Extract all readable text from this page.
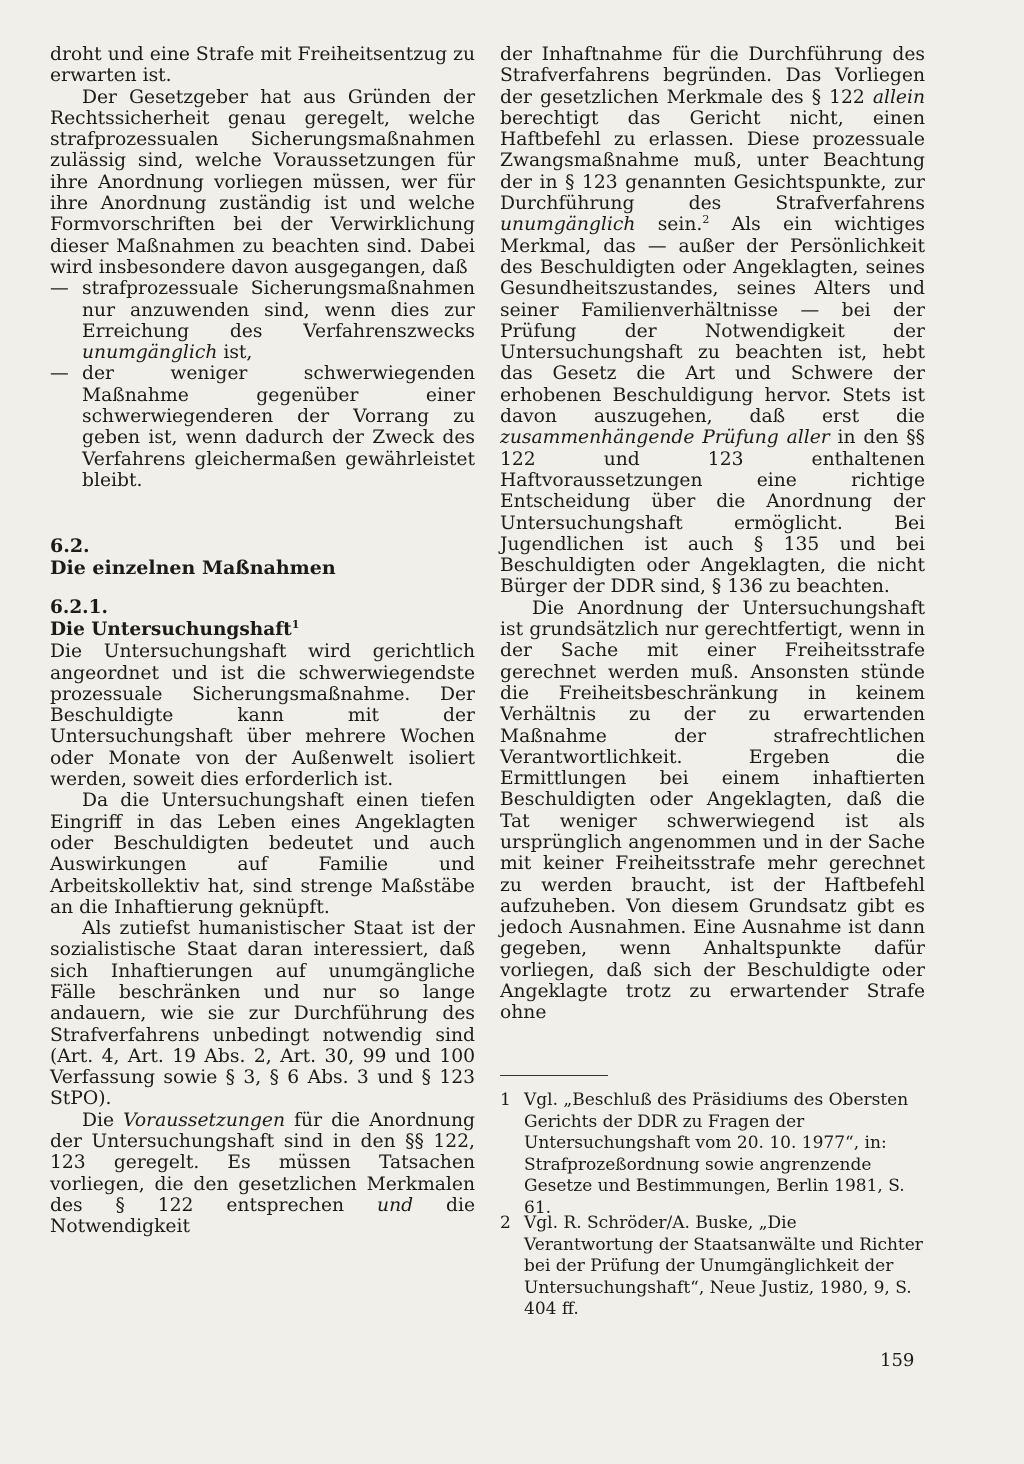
droht und eine Strafe mit Freiheitsentzug zu erwarten ist.

Der Gesetzgeber hat aus Gründen der Rechtssicherheit genau geregelt, welche strafprozessualen Sicherungsmaßnahmen zulässig sind, welche Voraussetzungen für ihre Anordnung vorliegen müssen, wer für ihre Anordnung zuständig ist und welche Formvorschriften bei der Verwirklichung dieser Maßnahmen zu beachten sind. Dabei wird insbesondere davon ausgegangen, daß

— strafprozessuale Sicherungsmaßnahmen nur anzuwenden sind, wenn dies zur Erreichung des Verfahrenszwecks unumgänglich ist,
— der weniger schwerwiegenden Maßnahme gegenüber einer schwerwiegenderen der Vorrang zu geben ist, wenn dadurch der Zweck des Verfahrens gleichermaßen gewährleistet bleibt.
6.2.
Die einzelnen Maßnahmen
6.2.1.
Die Untersuchungshaft$^1$

Die Untersuchungshaft wird gerichtlich angeordnet und ist die schwerwiegendste prozessuale Sicherungsmaßnahme. Der Beschuldigte kann mit der Untersuchungshaft über mehrere Wochen oder Monate von der Außenwelt isoliert werden, soweit dies erforderlich ist.

Da die Untersuchungshaft einen tiefen Eingriff in das Leben eines Angeklagten oder Beschuldigten bedeutet und auch Auswirkungen auf Familie und Arbeitskollektiv hat, sind strenge Maßstäbe an die Inhaftierung geknüpft.

Als zutiefst humanistischer Staat ist der sozialistische Staat daran interessiert, daß sich Inhaftierungen auf unumgängliche Fälle beschränken und nur so lange andauern, wie sie zur Durchführung des Strafverfahrens unbedingt notwendig sind (Art. 4, Art. 19 Abs. 2, Art. 30, 99 und 100 Verfassung sowie § 3, § 6 Abs. 3 und § 123 StPO).

Die Voraussetzungen für die Anordnung der Untersuchungshaft sind in den §§ 122, 123 geregelt. Es müssen Tatsachen vorliegen, die den gesetzlichen Merkmalen des § 122 entsprechen und die Notwendigkeit

der Inhaftnahme für die Durchführung des Strafverfahrens begründen. Das Vorliegen der gesetzlichen Merkmale des § 122 allein berechtigt das Gericht nicht, einen Haftbefehl zu erlassen. Diese prozessuale Zwangsmaßnahme muß, unter Beachtung der in § 123 genannten Gesichtspunkte, zur Durchführung des Strafverfahrens unumgänglich sein.$^2$ Als ein wichtiges Merkmal, das — außer der Persönlichkeit des Beschuldigten oder Angeklagten, seines Gesundheitszustandes, seines Alters und seiner Familienverhältnisse — bei der Prüfung der Notwendigkeit der Untersuchungshaft zu beachten ist, hebt das Gesetz die Art und Schwere der erhobenen Beschuldigung hervor. Stets ist davon auszugehen, daß erst die zusammenhängende Prüfung aller in den §§ 122 und 123 enthaltenen Haftvoraussetzungen eine richtige Entscheidung über die Anordnung der Untersuchungshaft ermöglicht. Bei Jugendlichen ist auch § 135 und bei Beschuldigten oder Angeklagten, die nicht Bürger der DDR sind, § 136 zu beachten.

Die Anordnung der Untersuchungshaft ist grundsätzlich nur gerechtfertigt, wenn in der Sache mit einer Freiheitsstrafe gerechnet werden muß. Ansonsten stünde die Freiheitsbeschränkung in keinem Verhältnis zu der zu erwartenden Maßnahme der strafrechtlichen Verantwortlichkeit. Ergeben die Ermittlungen bei einem inhaftierten Beschuldigten oder Angeklagten, daß die Tat weniger schwerwiegend ist als ursprünglich angenommen und in der Sache mit keiner Freiheitsstrafe mehr gerechnet zu werden braucht, ist der Haftbefehl aufzuheben. Von diesem Grundsatz gibt es jedoch Ausnahmen. Eine Ausnahme ist dann gegeben, wenn Anhaltspunkte dafür vorliegen, daß sich der Beschuldigte oder Angeklagte trotz zu erwartender Strafe ohne

1 Vgl. „Beschluß des Präsidiums des Obersten Gerichts der DDR zu Fragen der Untersuchungshaft vom 20. 10. 1977“, in: Strafprozeßordnung sowie angrenzende Gesetze und Bestimmungen, Berlin 1981, S. 61.
2 Vgl. R. Schröder/A. Buske, „Die Verantwortung der Staatsanwälte und Richter bei der Prüfung der Unumgänglichkeit der Untersuchungshaft“, Neue Justiz, 1980, 9, S. 404 ff.
159
